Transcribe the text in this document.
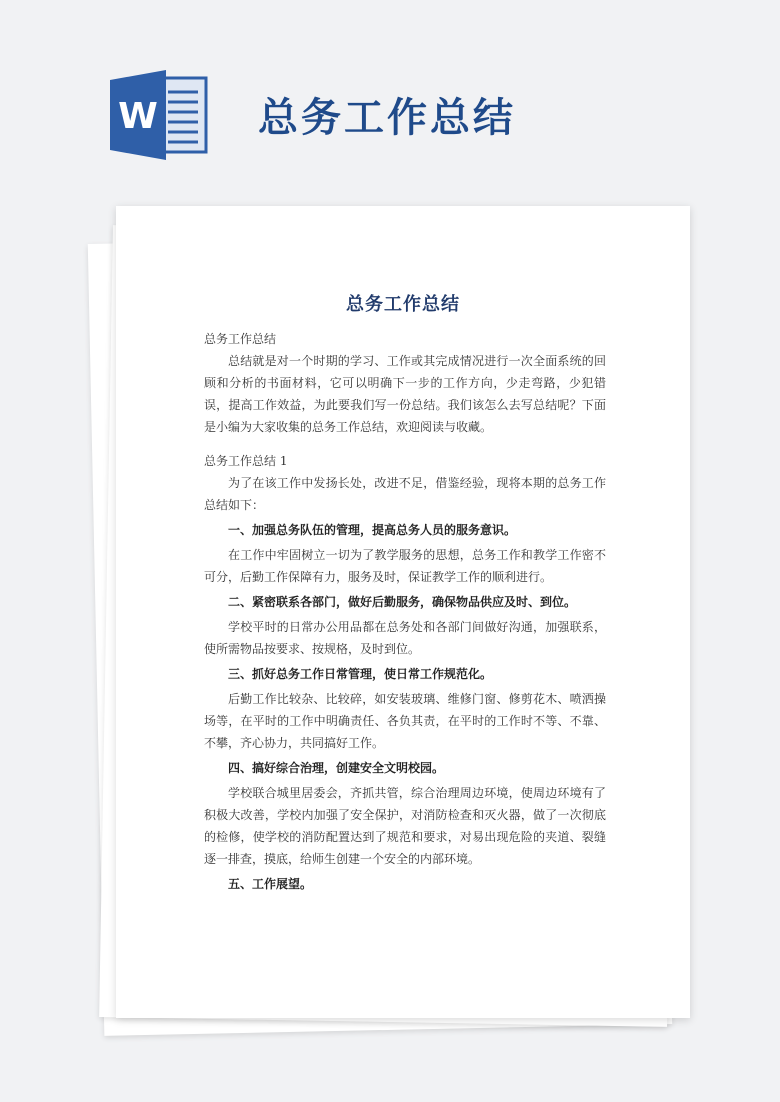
W	总务工作总结
总务工作总结

总务工作总结

总结就是对一个时期的学习、工作或其完成情况进行一次全面系统的回顾和分析的书面材料，它可以明确下一步的工作方向，少走弯路，少犯错误，提高工作效益，为此要我们写一份总结。我们该怎么去写总结呢？下面是小编为大家收集的总务工作总结，欢迎阅读与收藏。

总务工作总结 1

为了在该工作中发扬长处，改进不足，借鉴经验，现将本期的总务工作总结如下：

一、加强总务队伍的管理，提高总务人员的服务意识。

在工作中牢固树立一切为了教学服务的思想，总务工作和教学工作密不可分，后勤工作保障有力，服务及时，保证教学工作的顺利进行。

二、紧密联系各部门，做好后勤服务，确保物品供应及时、到位。

学校平时的日常办公用品都在总务处和各部门间做好沟通，加强联系，使所需物品按要求、按规格，及时到位。

三、抓好总务工作日常管理，使日常工作规范化。

后勤工作比较杂、比较碎，如安装玻璃、维修门窗、修剪花木、喷洒操场等，在平时的工作中明确责任、各负其责，在平时的工作时不等、不靠、不攀，齐心协力，共同搞好工作。

四、搞好综合治理，创建安全文明校园。

学校联合城里居委会，齐抓共管，综合治理周边环境，使周边环境有了积极大改善，学校内加强了安全保护，对消防检查和灭火器，做了一次彻底的检修，使学校的消防配置达到了规范和要求，对易出现危险的夹道、裂缝逐一排查，摸底，给师生创建一个安全的内部环境。

五、工作展望。
